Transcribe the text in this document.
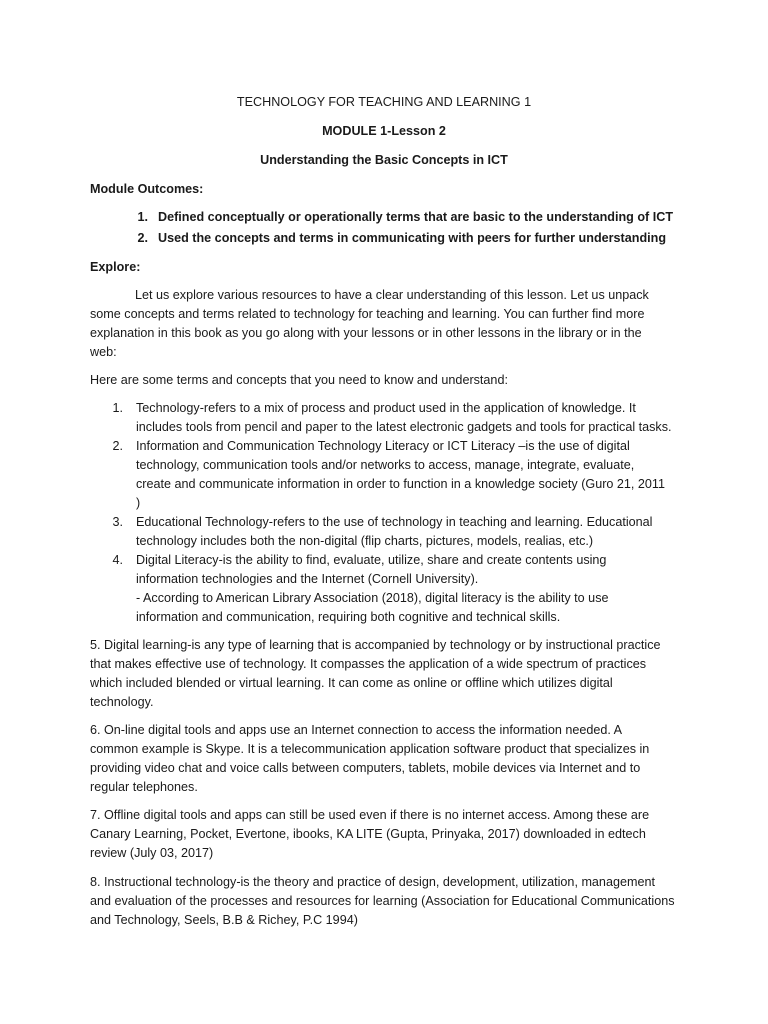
TECHNOLOGY FOR TEACHING AND LEARNING 1
MODULE 1-Lesson 2
Understanding the Basic Concepts in ICT
Module Outcomes:
1. Defined conceptually or operationally terms that are basic to the understanding of ICT
2. Used the concepts and terms in communicating with peers for further understanding
Explore:
Let us explore various resources to have a clear understanding of this lesson. Let us unpack
some concepts and terms related to technology for teaching and learning. You can further find more
explanation in this book as you go along with your lessons or in other lessons in the library or in the
web:
Here are some terms and concepts that you need to know and understand:
1. Technology-refers to a mix of process and product used in the application of knowledge. It
includes tools from pencil and paper to the latest electronic gadgets and tools for practical tasks.
2. Information and Communication Technology Literacy or ICT Literacy –is the use of digital
technology, communication tools and/or networks to access, manage, integrate, evaluate,
create and communicate information in order to function in a knowledge society (Guro 21, 2011
)
3. Educational Technology-refers to the use of technology in teaching and learning. Educational
technology includes both the non-digital (flip charts, pictures, models, realias, etc.)
4. Digital Literacy-is the ability to find, evaluate, utilize, share and create contents using
information technologies and the Internet (Cornell University).
- According to American Library Association (2018), digital literacy is the ability to use
information and communication, requiring both cognitive and technical skills.
5. Digital learning-is any type of learning that is accompanied by technology or by instructional practice
that makes effective use of technology. It compasses the application of a wide spectrum of practices
which included blended or virtual learning. It can come as online or offline which utilizes digital
technology.
6. On-line digital tools and apps use an Internet connection to access the information needed. A
common example is Skype. It is a telecommunication application software product that specializes in
providing video chat and voice calls between computers, tablets, mobile devices via Internet and to
regular telephones.
7. Offline digital tools and apps can still be used even if there is no internet access. Among these are
Canary Learning, Pocket, Evertone, ibooks, KA LITE (Gupta, Prinyaka, 2017) downloaded in edtech
review (July 03, 2017)
8. Instructional technology-is the theory and practice of design, development, utilization, management
and evaluation of the processes and resources for learning (Association for Educational Communications
and Technology, Seels, B.B & Richey, P.C 1994)
